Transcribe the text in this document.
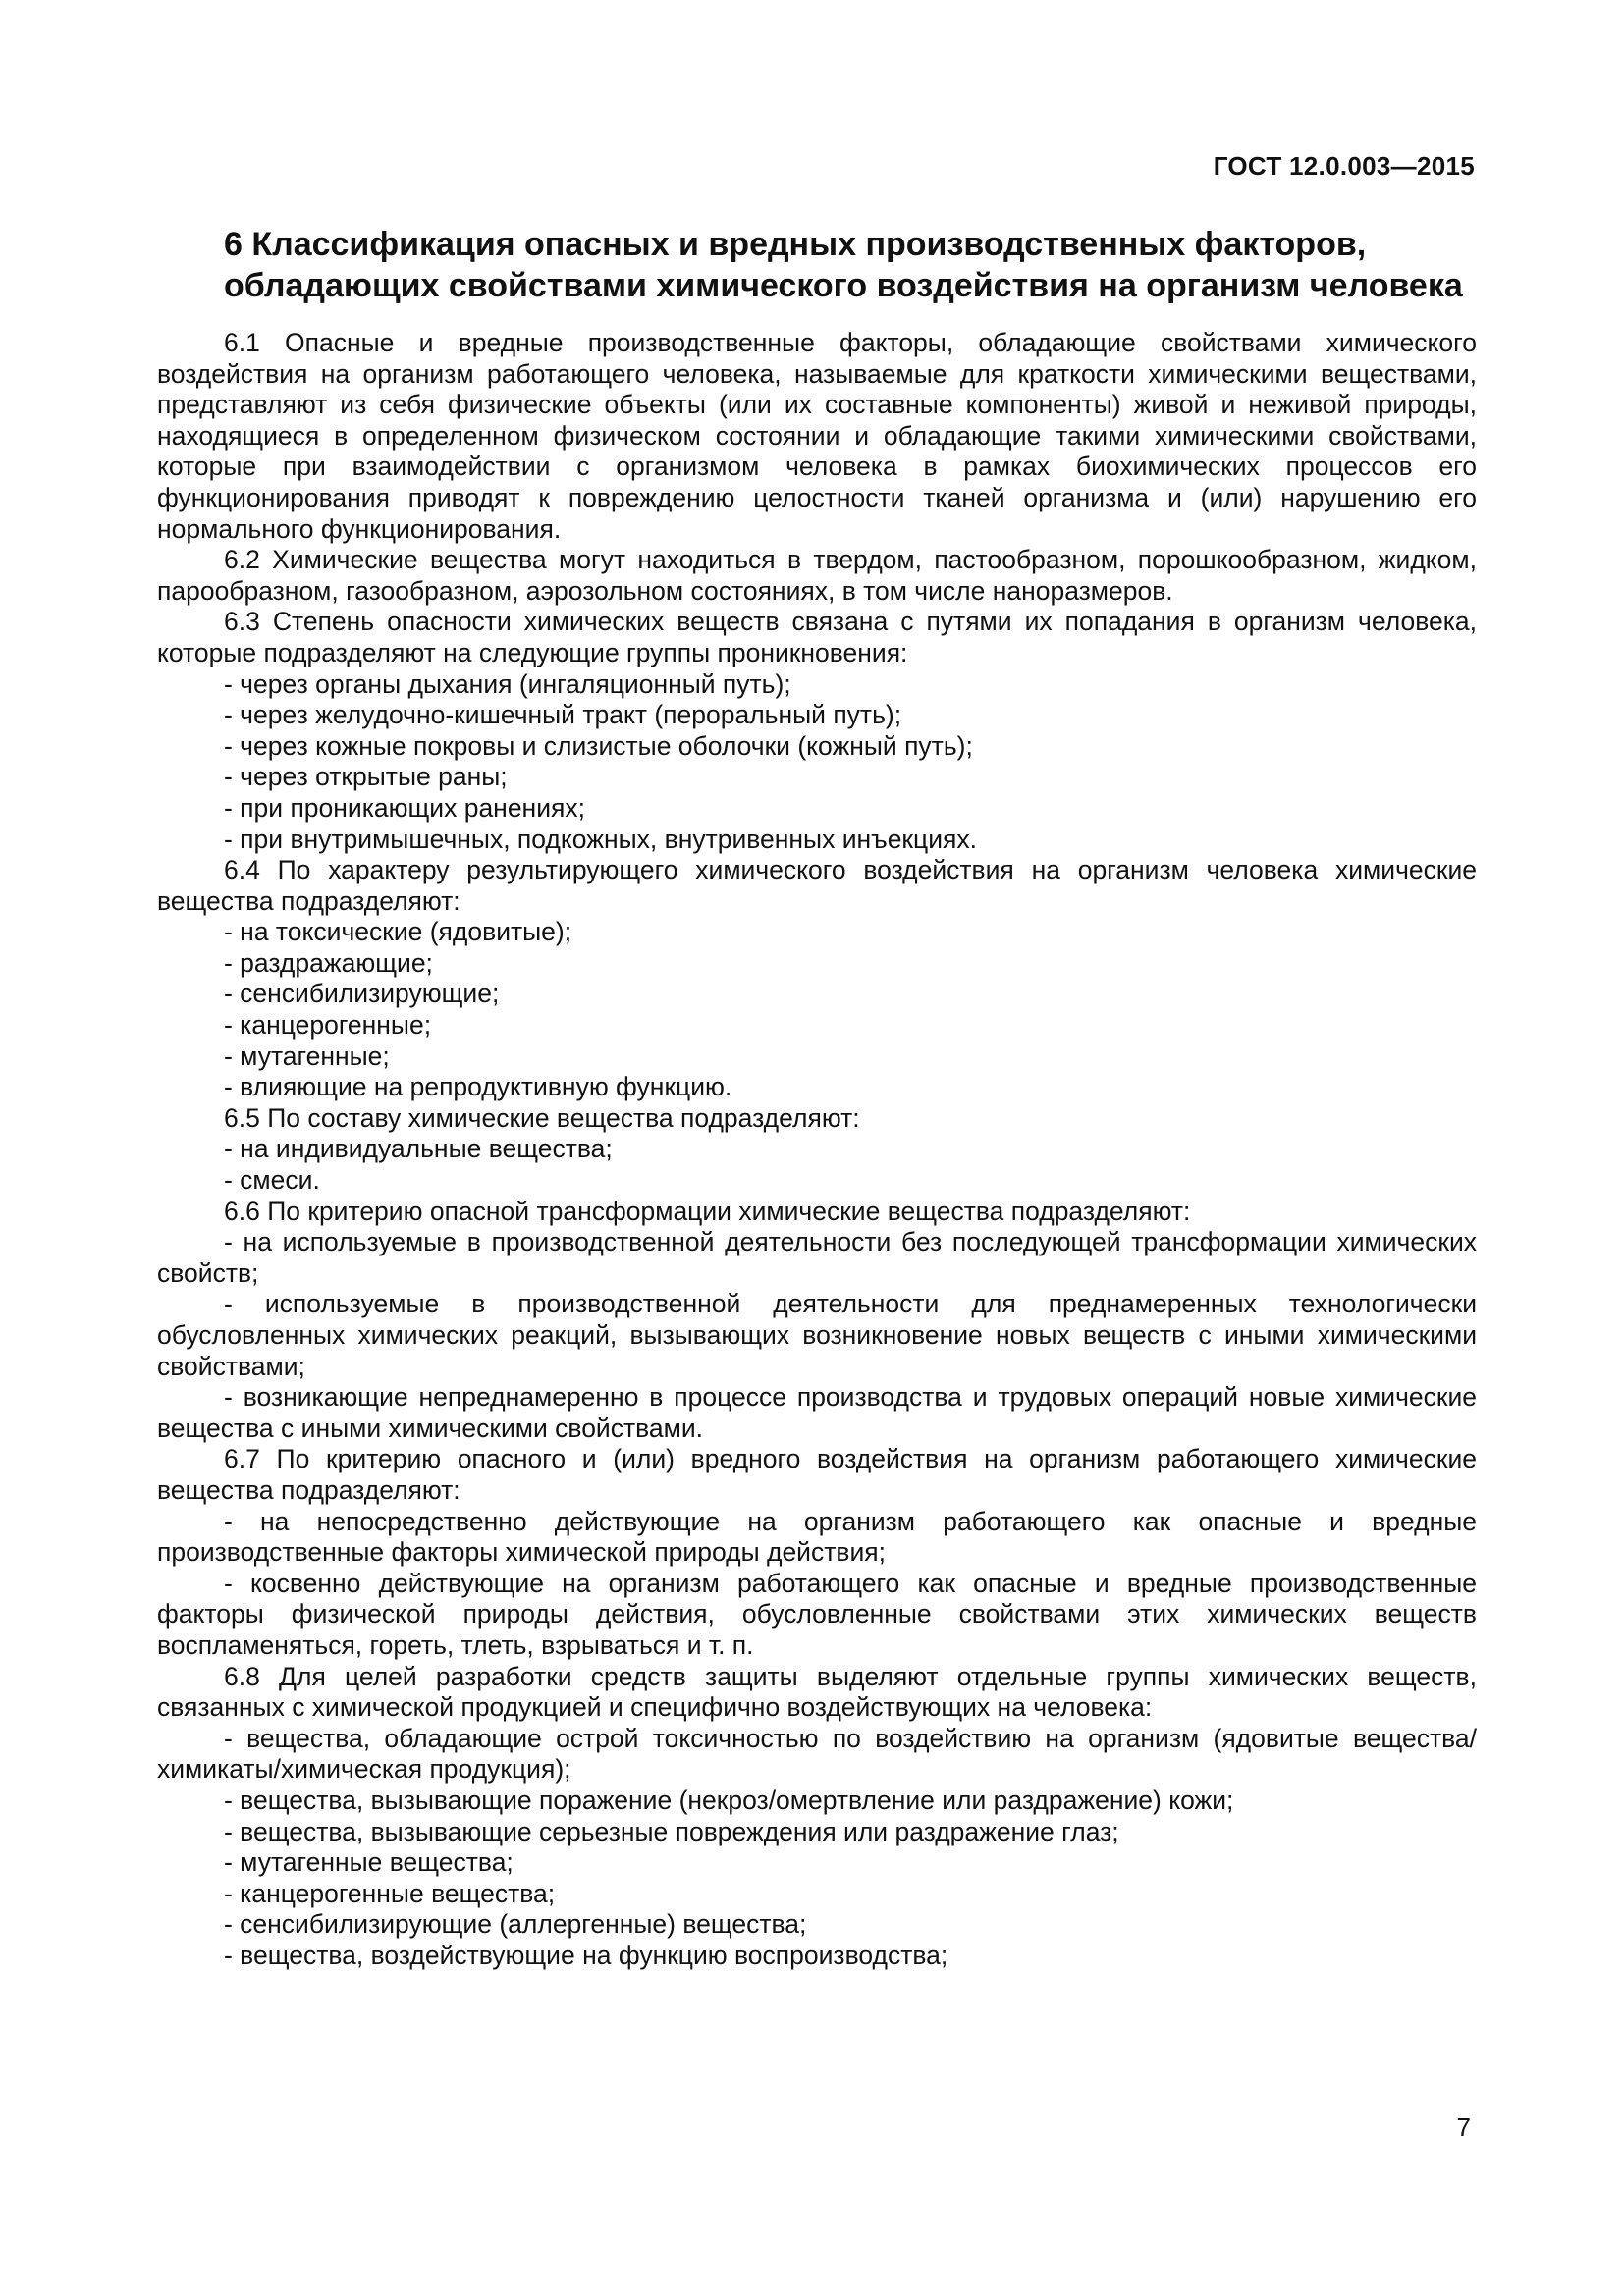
ГОСТ 12.0.003—2015
6 Классификация опасных и вредных производственных факторов,
обладающих свойствами химического воздействия на организм человека

6.1 Опасные и вредные производственные факторы, обладающие свойствами химического воздействия на организм работающего человека, называемые для краткости химическими веществами, представляют из себя физические объекты (или их составные компоненты) живой и неживой природы, находящиеся в определенном физическом состоянии и обладающие такими химическими свойствами, которые при взаимодействии с организмом человека в рамках биохимических процессов его функционирования приводят к повреждению целостности тканей организма и (или) нарушению его нормального функционирования.

6.2 Химические вещества могут находиться в твердом, пастообразном, порошкообразном, жидком, парообразном, газообразном, аэрозольном состояниях, в том числе наноразмеров.

6.3 Степень опасности химических веществ связана с путями их попадания в организм человека, которые подразделяют на следующие группы проникновения:

- через органы дыхания (ингаляционный путь);

- через желудочно-кишечный тракт (пероральный путь);

- через кожные покровы и слизистые оболочки (кожный путь);

- через открытые раны;

- при проникающих ранениях;

- при внутримышечных, подкожных, внутривенных инъекциях.

6.4 По характеру результирующего химического воздействия на организм человека химические вещества подразделяют:

- на токсические (ядовитые);

- раздражающие;

- сенсибилизирующие;

- канцерогенные;

- мутагенные;

- влияющие на репродуктивную функцию.

6.5 По составу химические вещества подразделяют:

- на индивидуальные вещества;

- смеси.

6.6 По критерию опасной трансформации химические вещества подразделяют:

- на используемые в производственной деятельности без последующей трансформации химических свойств;

- используемые в производственной деятельности для преднамеренных технологически обусловленных химических реакций, вызывающих возникновение новых веществ с иными химическими свойствами;

- возникающие непреднамеренно в процессе производства и трудовых операций новые химические вещества с иными химическими свойствами.

6.7 По критерию опасного и (или) вредного воздействия на организм работающего химические вещества подразделяют:

- на непосредственно действующие на организм работающего как опасные и вредные производственные факторы химической природы действия;

- косвенно действующие на организм работающего как опасные и вредные производственные факторы физической природы действия, обусловленные свойствами этих химических веществ воспламеняться, гореть, тлеть, взрываться и т. п.

6.8 Для целей разработки средств защиты выделяют отдельные группы химических веществ, связанных с химической продукцией и специфично воздействующих на человека:

- вещества, обладающие острой токсичностью по воздействию на организм (ядовитые вещества/химикаты/химическая продукция);

- вещества, вызывающие поражение (некроз/омертвление или раздражение) кожи;

- вещества, вызывающие серьезные повреждения или раздражение глаз;

- мутагенные вещества;

- канцерогенные вещества;

- сенсибилизирующие (аллергенные) вещества;

- вещества, воздействующие на функцию воспроизводства;

7
